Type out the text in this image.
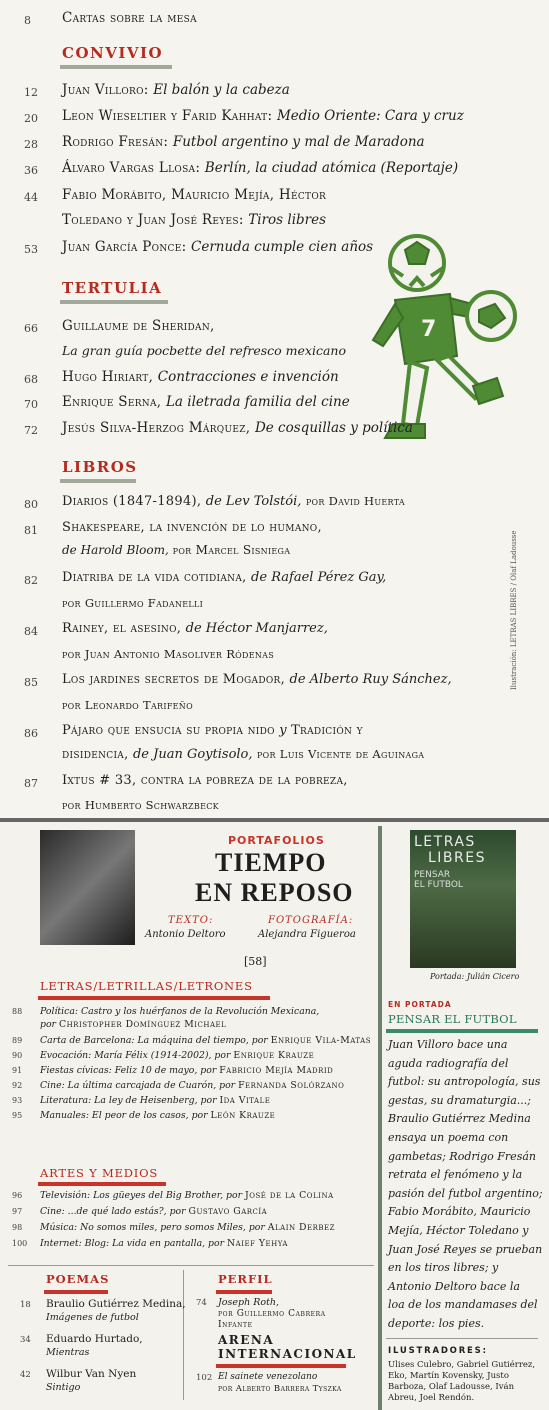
8	Cartas sobre la mesa
CONVIVIO
12	Juan Villoro: El balón y la cabeza
20	Leon Wieseltier y Farid Kahhat: Medio Oriente: Cara y cruz
28	Rodrigo Fresán: Futbol argentino y mal de Maradona
36	Álvaro Vargas Llosa: Berlín, la ciudad atómica (Reportaje)
44	Fabio Morábito, Mauricio Mejía, Héctor
Toledano y Juan José Reyes: Tiros libres
53	Juan García Ponce: Cernuda cumple cien años
7
TERTULIA
66	Guillaume de Sheridan,
La gran guía pocbette del refresco mexicano
68	Hugo Hiriart, Contracciones e invención
70	Enrique Serna, La iletrada familia del cine
72	Jesús Silva-Herzog Márquez, De cosquillas y política
LIBROS
80	Diarios (1847-1894), de Lev Tolstói, por David Huerta
81	Shakespeare, la invención de lo humano,
de Harold Bloom, por Marcel Sisniega
82	Diatriba de la vida cotidiana, de Rafael Pérez Gay,
por Guillermo Fadanelli
84	Rainey, el asesino, de Héctor Manjarrez,
por Juan Antonio Masoliver Ródenas
85	Los jardines secretos de Mogador, de Alberto Ruy Sánchez,
por Leonardo Tarifeño
86	Pájaro que ensucia su propia nido y Tradición y
disidencia, de Juan Goytisolo, por Luis Vicente de Aguinaga
87	Ixtus # 33, contra la pobreza de la pobreza,
por Humberto Schwarzbeck
Ilustración: LETRAS LIBRES / Olaf Ladousse
PORTAFOLIOS
TIEMPO
EN REPOSO
TEXTO:
Antonio Deltoro
FOTOGRAFÍA:
Alejandra Figueroa
[58]
LETRAS/LETRILLAS/LETRONES
88 Política: Castro y los huérfanos de la Revolución Mexicana,
por Christopher Domínguez Michael
89 Carta de Barcelona: La máquina del tiempo, por Enrique Vila-Matas
90 Evocación: María Félix (1914-2002), por Enrique Krauze
91 Fiestas cívicas: Feliz 10 de mayo, por Fabricio Mejía Madrid
92 Cine: La última carcajada de Cuarón, por Fernanda Solórzano
93 Literatura: La ley de Heisenberg, por Ida Vitale
95 Manuales: El peor de los casos, por León Krauze
ARTES Y MEDIOS
96 Televisión: Los güeyes del Big Brother, por José de la Colina
97 Cine: ...de qué lado estás?, por Gustavo García
98 Música: No somos miles, pero somos Miles, por Alain Derbez
100 Internet: Blog: La vida en pantalla, por Naief Yehya
POEMAS
18 Braulio Gutiérrez Medina,
Imágenes de futbol
34 Eduardo Hurtado,
Mientras
42 Wilbur Van Nyen
Sintigo
PERFIL
74 Joseph Roth,
por Guillermo Cabrera
Infante
ARENA
INTERNACIONAL
102 El sainete venezolano
por Alberto Barrera Tyszka
LETRAS
LIBRES
PENSAR
EL FUTBOL
Portada: Julián Cicero
EN PORTADA
PENSAR EL FUTBOL
Juan Villoro bace una
aguda radiografía del
futbol: su antropología, sus
gestas, su dramaturgia...;
Braulio Gutiérrez Medina
ensaya un poema con
gambetas; Rodrigo Fresán
retrata el fenómeno y la
pasión del futbol argentino;
Fabio Morábito, Mauricio
Mejía, Héctor Toledano y
Juan José Reyes se prueban
en los tiros libres; y
Antonio Deltoro bace la
loa de los mandamases del
deporte: los pies.
ILUSTRADORES:
Ulises Culebro, Gabriel Gutiérrez,
Eko, Martín Kovensky, Justo
Barboza, Olaf Ladousse, Iván
Abreu, Joel Rendón.
